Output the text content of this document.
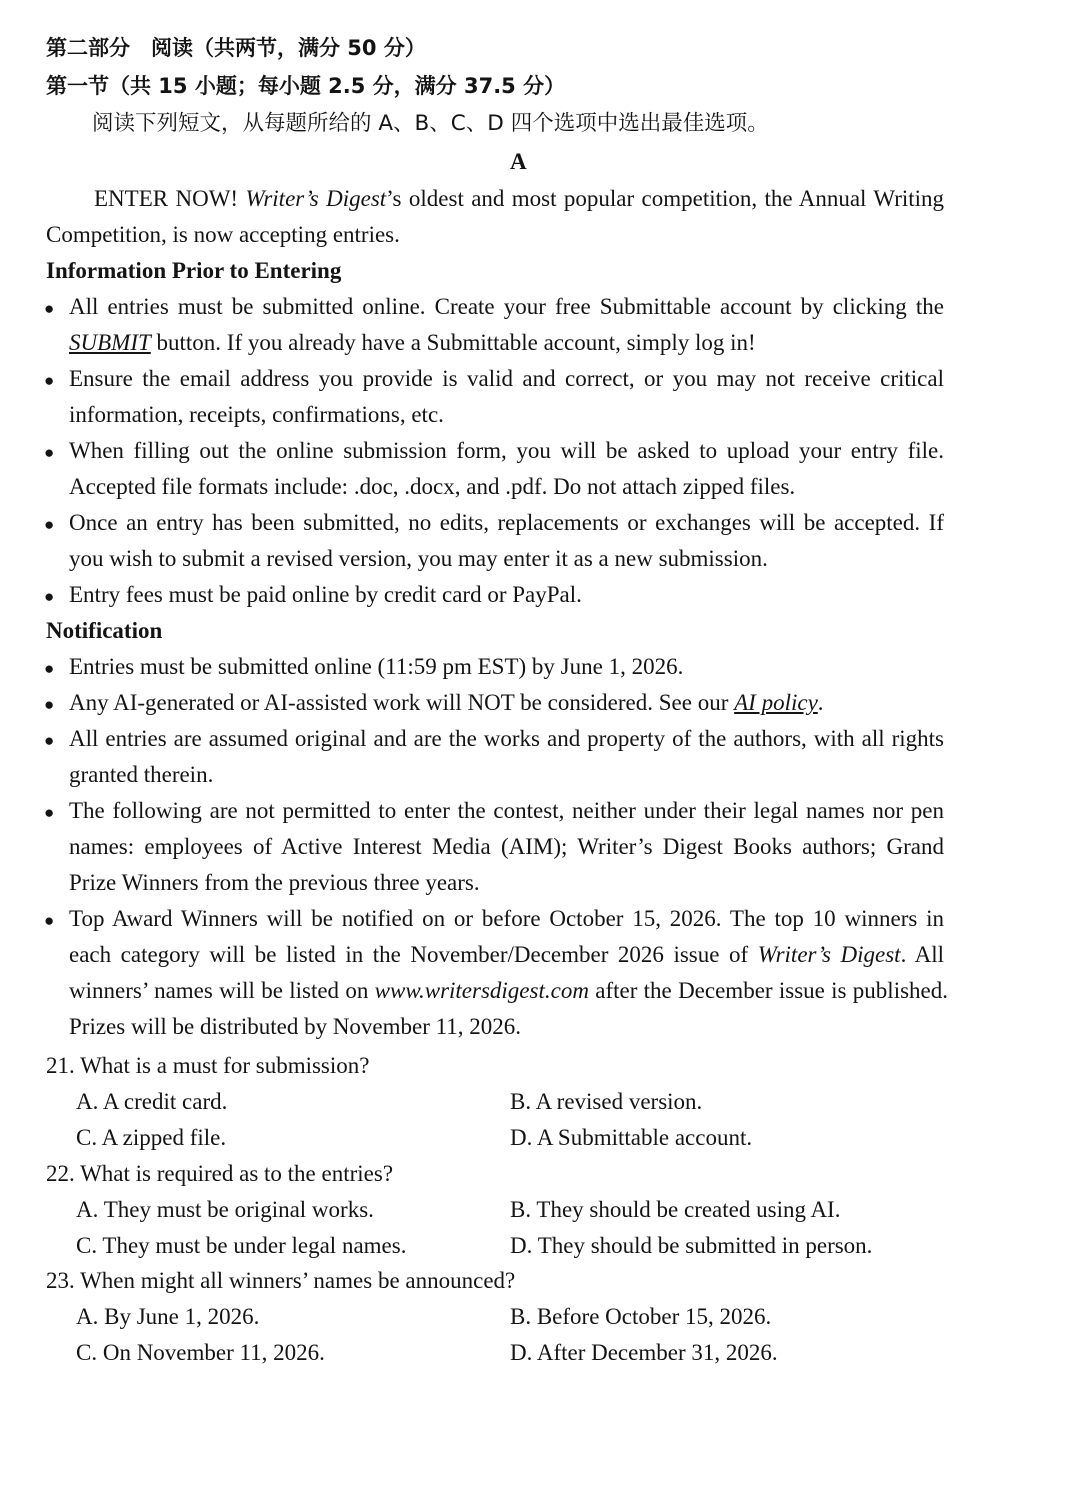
第二部分　阅读（共两节，满分 50 分）
第一节（共 15 小题；每小题 2.5 分，满分 37.5 分）
阅读下列短文，从每题所给的 A、B、C、D 四个选项中选出最佳选项。
A
ENTER NOW! Writer’s Digest’s oldest and most popular competition, the Annual Writing
Competition, is now accepting entries.
Information Prior to Entering
● All entries must be submitted online. Create your free Submittable account by clicking the
SUBMIT button. If you already have a Submittable account, simply log in!
● Ensure the email address you provide is valid and correct, or you may not receive critical
information, receipts, confirmations, etc.
● When filling out the online submission form, you will be asked to upload your entry file.
Accepted file formats include: .doc, .docx, and .pdf. Do not attach zipped files.
● Once an entry has been submitted, no edits, replacements or exchanges will be accepted. If
you wish to submit a revised version, you may enter it as a new submission.
● Entry fees must be paid online by credit card or PayPal.
Notification
● Entries must be submitted online (11:59 pm EST) by June 1, 2026.
● Any AI-generated or AI-assisted work will NOT be considered. See our AI policy.
● All entries are assumed original and are the works and property of the authors, with all rights
granted therein.
● The following are not permitted to enter the contest, neither under their legal names nor pen
names: employees of Active Interest Media (AIM); Writer’s Digest Books authors; Grand
Prize Winners from the previous three years.
● Top Award Winners will be notified on or before October 15, 2026. The top 10 winners in
each category will be listed in the November/December 2026 issue of Writer’s Digest. All
winners’ names will be listed on www.writersdigest.com after the December issue is published.
Prizes will be distributed by November 11, 2026.
21. What is a must for submission?
A. A credit card.	B. A revised version.
C. A zipped file.	D. A Submittable account.
22. What is required as to the entries?
A. They must be original works.	B. They should be created using AI.
C. They must be under legal names.	D. They should be submitted in person.
23. When might all winners’ names be announced?
A. By June 1, 2026.	B. Before October 15, 2026.
C. On November 11, 2026.	D. After December 31, 2026.
